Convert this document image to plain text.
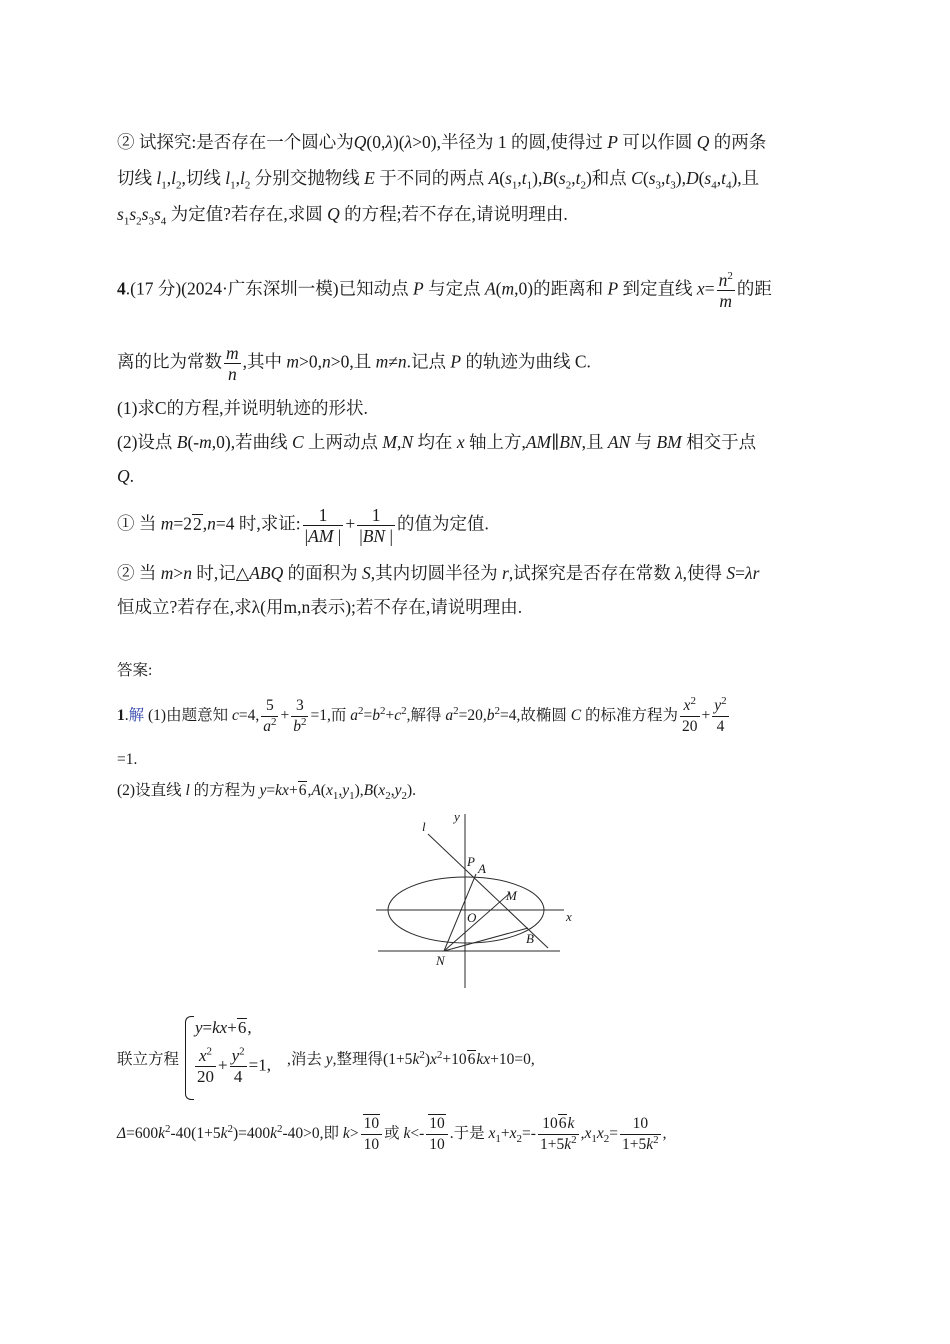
② 试探究:是否存在一个圆心为Q(0,λ)(λ>0),半径为 1 的圆,使得过 P 可以作圆 Q 的两条
切线 $l_1,l_2$,切线 $l_1,l_2$ 分别交抛物线 E 于不同的两点 $A(s_1,t_1),B(s_2,t_2)$和点 $C(s_3,t_3),D(s_4,t_4)$,且
$s_1s_2s_3s_4$ 为定值?若存在,求圆 Q 的方程;若不存在,请说明理由.
4.(17 分)(2024·广东深圳一模)已知动点 P 与定点 A(m,0)的距离和 P 到定直线 $x= \frac{n^2}{m}$ 的距
离的比为常数 $\frac{m}{n}$ ,其中 m>0,n>0,且 m≠n.记点 P 的轨迹为曲线 C.
(1)求C的方程,并说明轨迹的形状.
(2)设点 B(-m,0),若曲线 C 上两动点 M,N 均在 x 轴上方,AM∥BN,且 AN 与 BM 相交于点
Q.
① 当 m=22,n=4 时,求证: $\frac{1}{|AM |} + \frac{1}{|BN |}$ 的值为定值.
② 当 m>n 时,记△ABQ 的面积为 S,其内切圆半径为 r,试探究是否存在常数 λ,使得 S=λr
恒成立?若存在,求λ(用m,n表示);若不存在,请说明理由.
答案:
1.解 (1)由题意知 c=4, $\frac{5}{a^2} + \frac{3}{b^2} =1$,而 $a^2=b^2+c^2$,解得 $a^2=20,b^2=4$,故椭圆 C 的标准方程为 $\frac{x^2}{20} + \frac{y^2}{4}$
=1.
(2)设直线 l 的方程为 $y=kx+6,A(x_1,y_1),B(x_2,y_2)$.
l
y
P A
M
O	x
B
N
联立方程
y=kx+6,
$\frac{x^2}{20} + \frac{y^2}{4} =1$, ,消去 y,整理得$(1+5k^2)x^2+106kx+10=0$,
$\Delta=600k^2-40(1+5k^2)=400k^2-40>0$,即 $k> \frac{10}{10}$ 或 $k<- \frac{10}{10}$ .于是 $x_1+x_2=- \frac{106k}{1+5k^2} ,x_1x_2= \frac{10}{1+5k^2}$ ,
